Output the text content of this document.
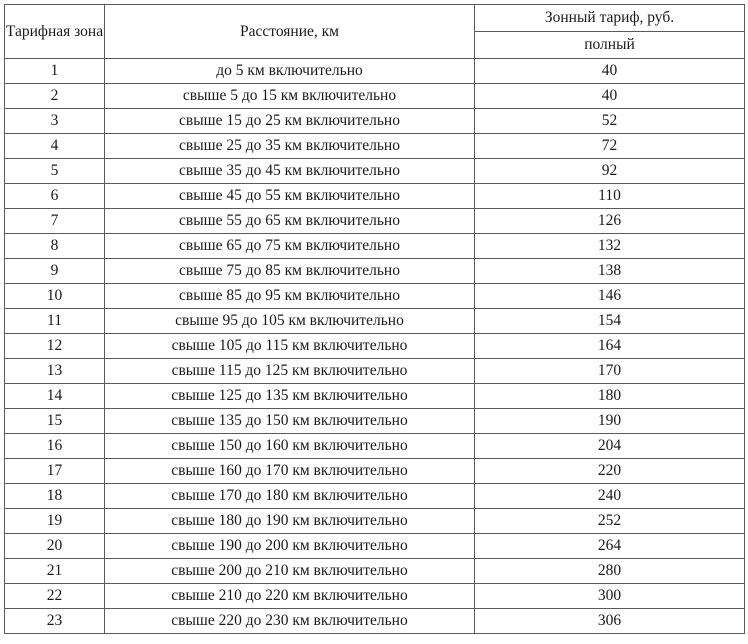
Тарифная зона	Расстояние, км	Зонный тариф, руб.
		полный
1	до 5 км включительно	40
2	свыше 5 до 15 км включительно	40
3	свыше 15 до 25 км включительно	52
4	свыше 25 до 35 км включительно	72
5	свыше 35 до 45 км включительно	92
6	свыше 45 до 55 км включительно	110
7	свыше 55 до 65 км включительно	126
8	свыше 65 до 75 км включительно	132
9	свыше 75 до 85 км включительно	138
10	свыше 85 до 95 км включительно	146
11	свыше 95 до 105 км включительно	154
12	свыше 105 до 115 км включительно	164
13	свыше 115 до 125 км включительно	170
14	свыше 125 до 135 км включительно	180
15	свыше 135 до 150 км включительно	190
16	свыше 150 до 160 км включительно	204
17	свыше 160 до 170 км включительно	220
18	свыше 170 до 180 км включительно	240
19	свыше 180 до 190 км включительно	252
20	свыше 190 до 200 км включительно	264
21	свыше 200 до 210 км включительно	280
22	свыше 210 до 220 км включительно	300
23	свыше 220 до 230 км включительно	306
